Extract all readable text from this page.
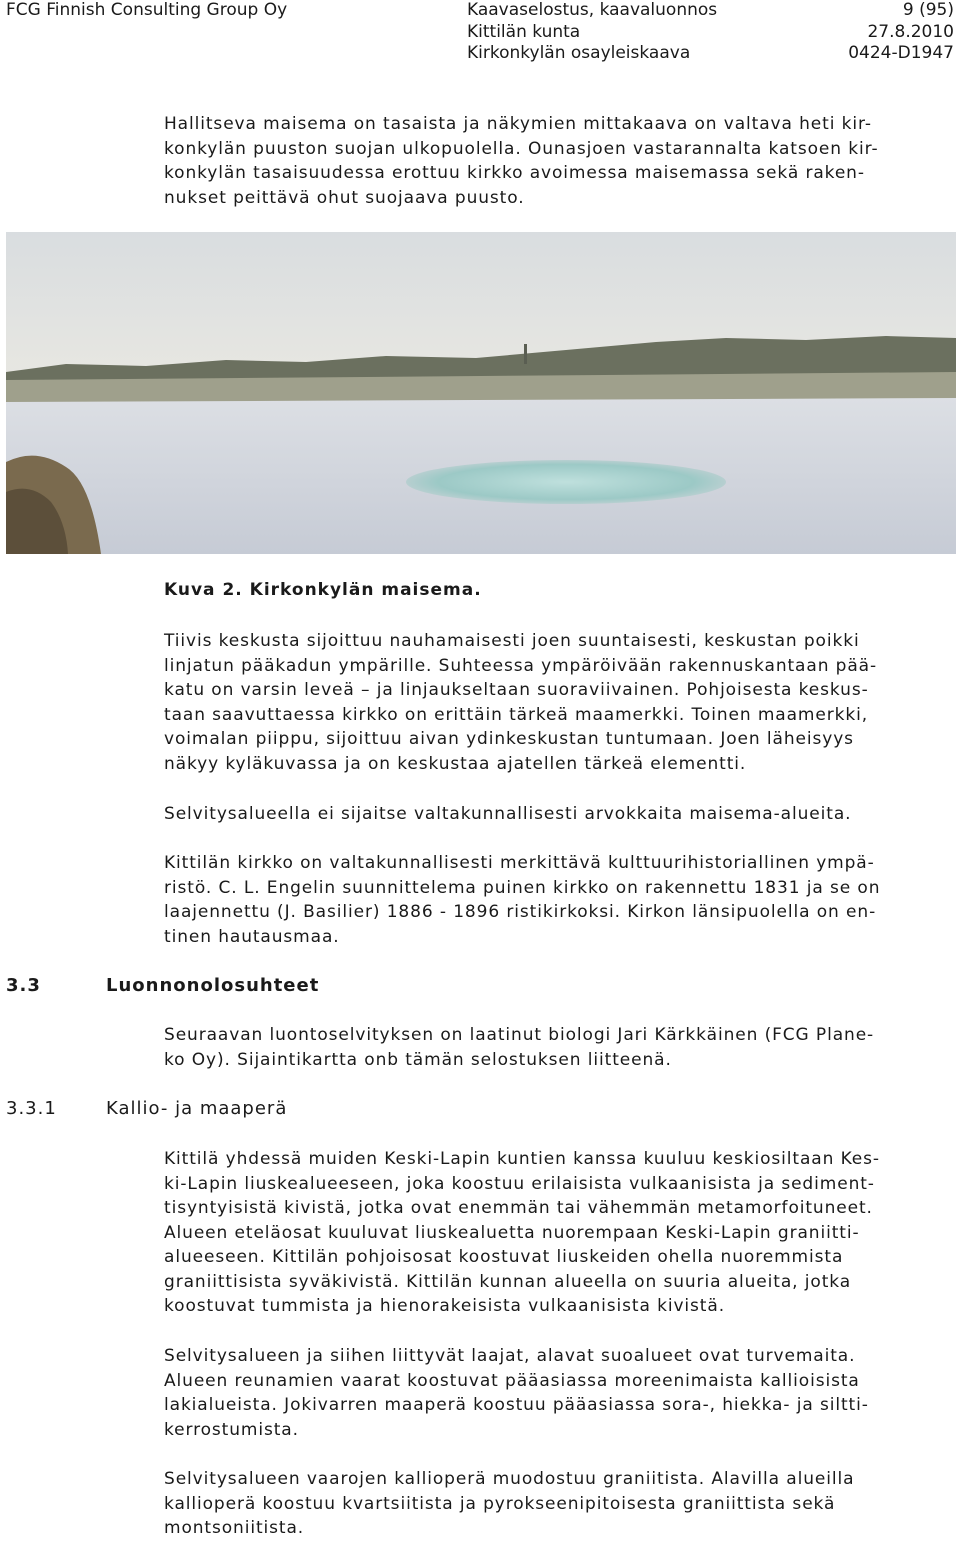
FCG Finnish Consulting Group Oy	Kaavaselostus, kaavaluonnos
Kittilän kunta
Kirkonkylän osayleiskaava
9 (95)
27.8.2010
0424-D1947

Hallitseva maisema on tasaista ja näkymien mittakaava on valtava heti kir-

konkylän puuston suojan ulkopuolella. Ounasjoen vastarannalta katsoen kir-

konkylän tasaisuudessa erottuu kirkko avoimessa maisemassa sekä raken-

nukset peittävä ohut suojaava puusto.

Kuva 2. Kirkonkylän maisema.

Tiivis keskusta sijoittuu nauhamaisesti joen suuntaisesti, keskustan poikki

linjatun pääkadun ympärille. Suhteessa ympäröivään rakennuskantaan pää-

katu on varsin leveä – ja linjaukseltaan suoraviivainen. Pohjoisesta keskus-

taan saavuttaessa kirkko on erittäin tärkeä maamerkki. Toinen maamerkki,

voimalan piippu, sijoittuu aivan ydinkeskustan tuntumaan. Joen läheisyys

näkyy kyläkuvassa ja on keskustaa ajatellen tärkeä elementti.

Selvitysalueella ei sijaitse valtakunnallisesti arvokkaita maisema-alueita.

Kittilän kirkko on valtakunnallisesti merkittävä kulttuurihistoriallinen ympä-

ristö. C. L. Engelin suunnittelema puinen kirkko on rakennettu 1831 ja se on

laajennettu (J. Basilier) 1886 - 1896 ristikirkoksi. Kirkon länsipuolella on en-

tinen hautausmaa.

3.3	Luonnonolosuhteet

Seuraavan luontoselvityksen on laatinut biologi Jari Kärkkäinen (FCG Plane-

ko Oy). Sijaintikartta onb tämän selostuksen liitteenä.

3.3.1	Kallio- ja maaperä

Kittilä yhdessä muiden Keski-Lapin kuntien kanssa kuuluu keskiosiltaan Kes-

ki-Lapin liuskealueeseen, joka koostuu erilaisista vulkaanisista ja sediment-

tisyntyisistä kivistä, jotka ovat enemmän tai vähemmän metamorfoituneet.

Alueen eteläosat kuuluvat liuskealuetta nuorempaan Keski-Lapin graniitti-

alueeseen. Kittilän pohjoisosat koostuvat liuskeiden ohella nuoremmista

graniittisista syväkivistä. Kittilän kunnan alueella on suuria alueita, jotka

koostuvat tummista ja hienorakeisista vulkaanisista kivistä.

Selvitysalueen ja siihen liittyvät laajat, alavat suoalueet ovat turvemaita.

Alueen reunamien vaarat koostuvat pääasiassa moreenimaista kallioisista

lakialueista. Jokivarren maaperä koostuu pääasiassa sora-, hiekka- ja siltti-

kerrostumista.

Selvitysalueen vaarojen kallioperä muodostuu graniitista. Alavilla alueilla

kallioperä koostuu kvartsiitista ja pyrokseenipitoisesta graniittista sekä

montsoniitista.
